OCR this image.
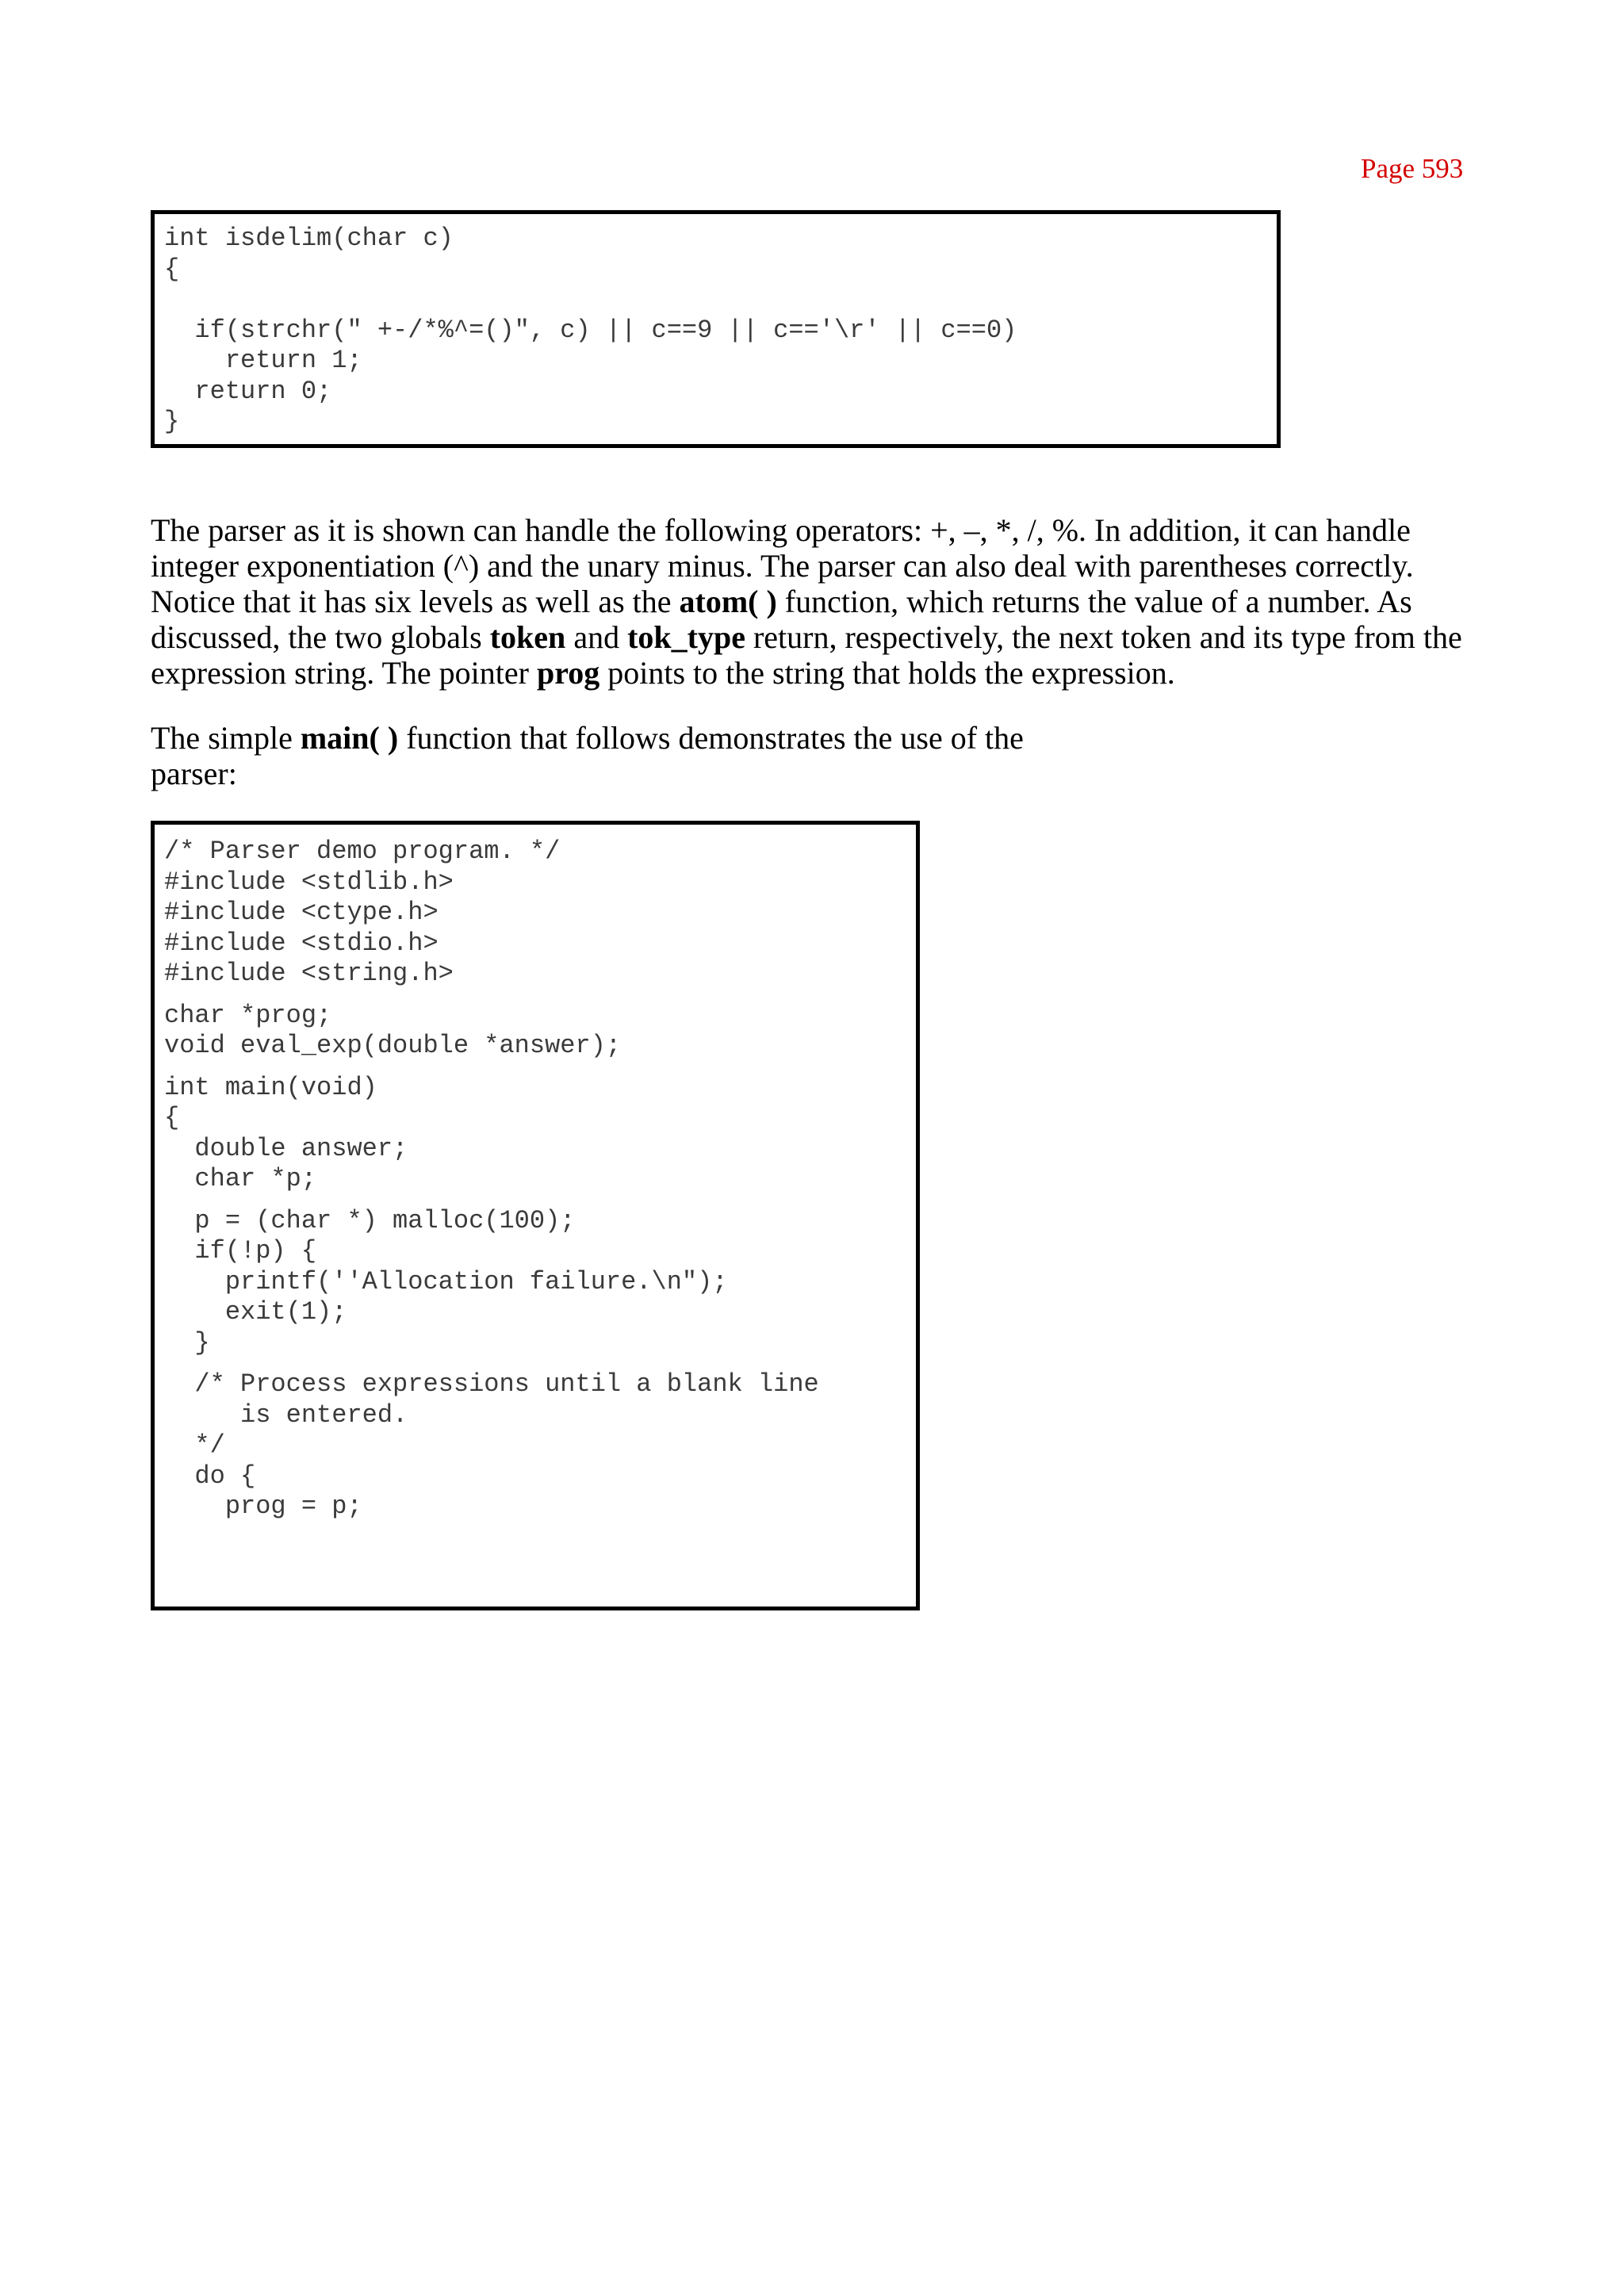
Page 593
int isdelim(char c)
{

if(strchr(" +-/*%^=()", c) || c==9 || c=='\r' || c==0)
return 1;
return 0;
}

The parser as it is shown can handle the following operators: +, –, *, /, %. In addition, it can handle integer exponentiation (^) and the unary minus. The parser can also deal with parentheses correctly. Notice that it has six levels as well as the atom( ) function, which returns the value of a number. As discussed, the two globals token and tok_type return, respectively, the next token and its type from the expression string. The pointer prog points to the string that holds the expression.

The simple main( ) function that follows demonstrates the use of the parser:

/* Parser demo program. */
#include <stdlib.h>
#include <ctype.h>
#include <stdio.h>
#include <string.h>
char *prog;
void eval_exp(double *answer);
int main(void)
{
double answer;
char *p;
p = (char *) malloc(100);
if(!p) {
printf(''Allocation failure.\n");
exit(1);
}
/* Process expressions until a blank line
is entered.
*/
do {
prog = p;
